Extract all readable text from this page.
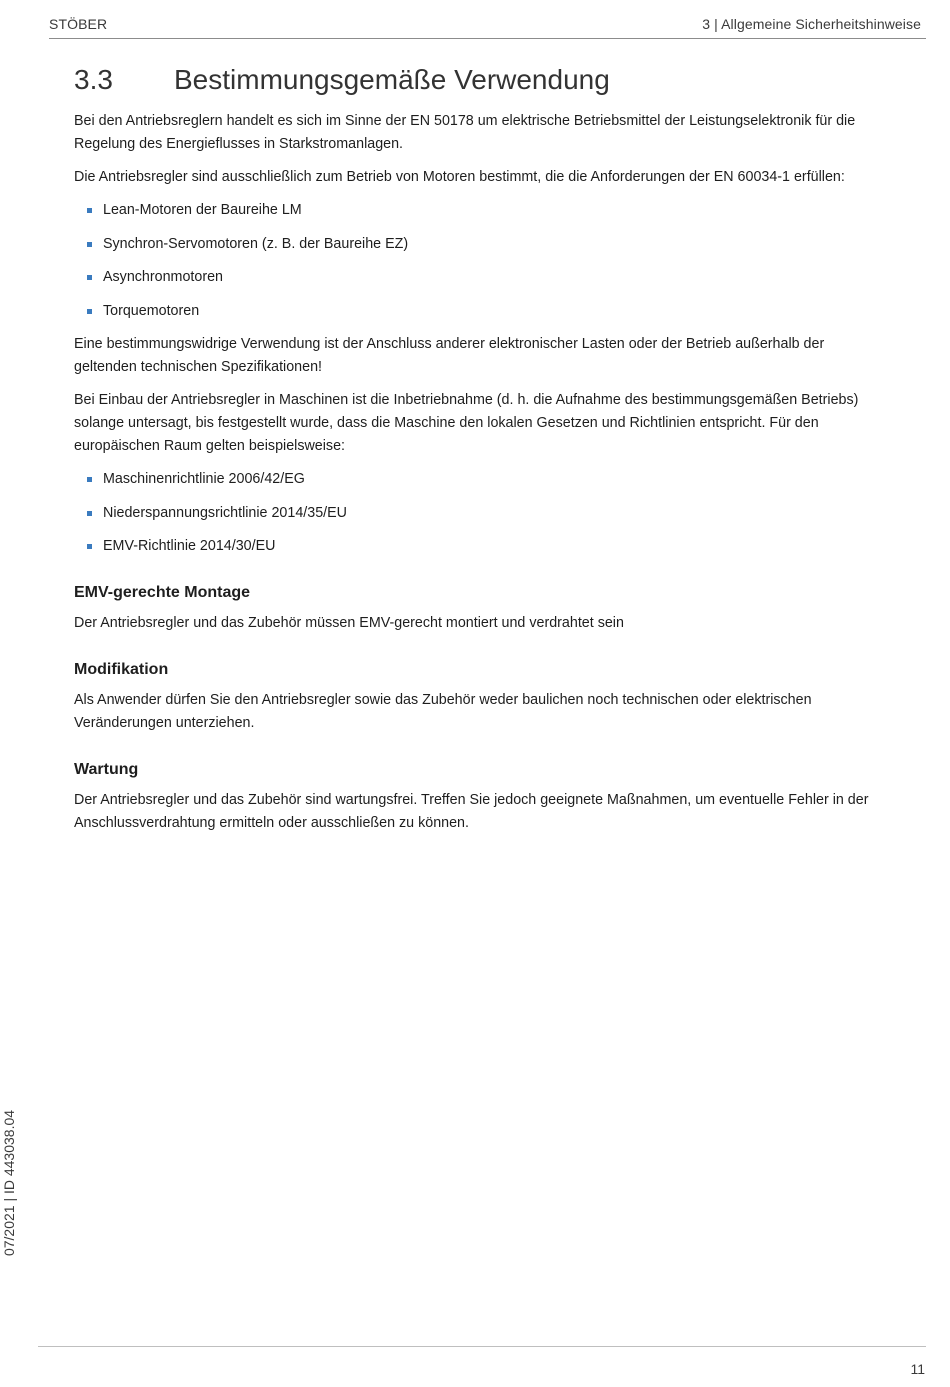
STÖBER	3 | Allgemeine Sicherheitshinweise
3.3	Bestimmungsgemäße Verwendung

Bei den Antriebsreglern handelt es sich im Sinne der EN 50178 um elektrische Betriebsmittel der Leistungselektronik für die Regelung des Energieflusses in Starkstromanlagen.

Die Antriebsregler sind ausschließlich zum Betrieb von Motoren bestimmt, die die Anforderungen der EN 60034-1 erfüllen:

Lean-Motoren der Baureihe LM
Synchron-Servomotoren (z. B. der Baureihe EZ)
Asynchronmotoren
Torquemotoren

Eine bestimmungswidrige Verwendung ist der Anschluss anderer elektronischer Lasten oder der Betrieb außerhalb der geltenden technischen Spezifikationen!

Bei Einbau der Antriebsregler in Maschinen ist die Inbetriebnahme (d. h. die Aufnahme des bestimmungsgemäßen Betriebs) solange untersagt, bis festgestellt wurde, dass die Maschine den lokalen Gesetzen und Richtlinien entspricht. Für den europäischen Raum gelten beispielsweise:

Maschinenrichtlinie 2006/42/EG
Niederspannungsrichtlinie 2014/35/EU
EMV-Richtlinie 2014/30/EU
EMV-gerechte Montage

Der Antriebsregler und das Zubehör müssen EMV-gerecht montiert und verdrahtet sein

Modifikation

Als Anwender dürfen Sie den Antriebsregler sowie das Zubehör weder baulichen noch technischen oder elektrischen Veränderungen unterziehen.

Wartung

Der Antriebsregler und das Zubehör sind wartungsfrei. Treffen Sie jedoch geeignete Maßnahmen, um eventuelle Fehler in der Anschlussverdrahtung ermitteln oder ausschließen zu können.

07/2021 | ID 443038.04
11
